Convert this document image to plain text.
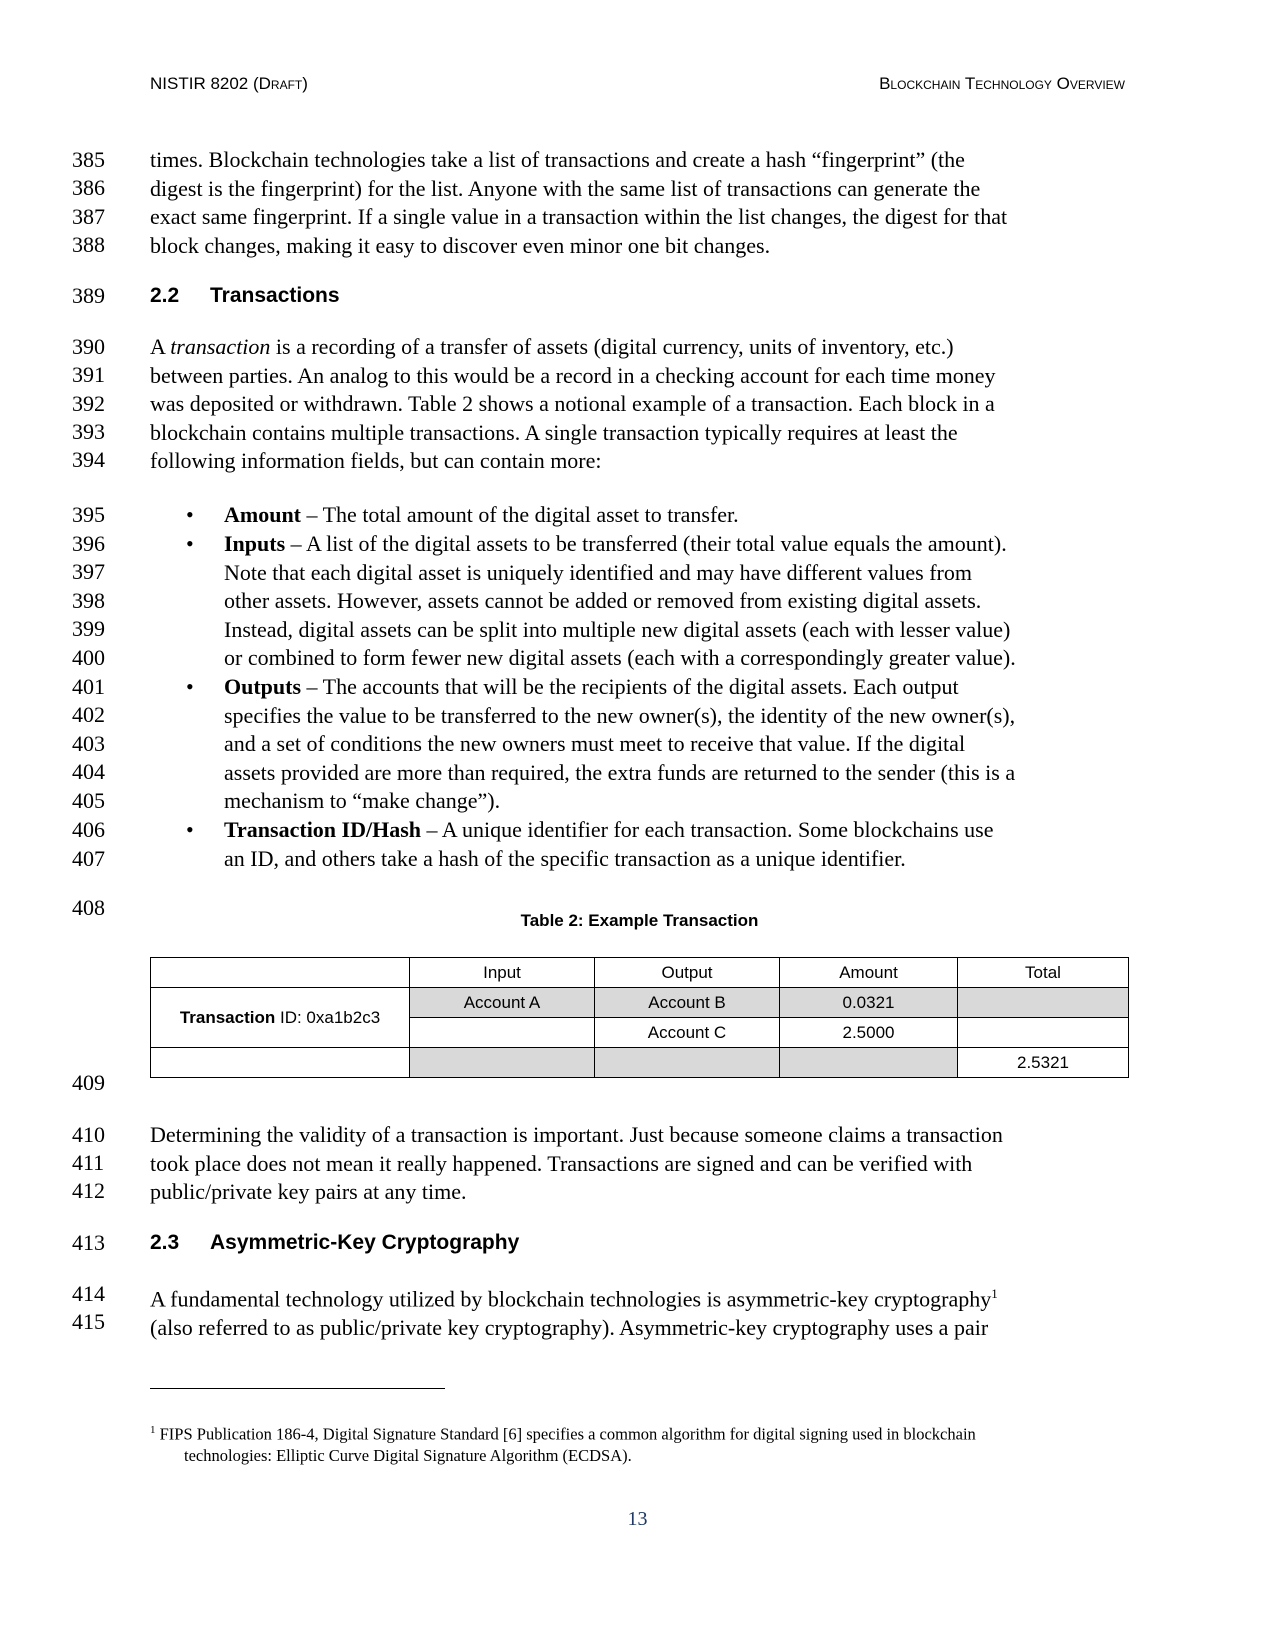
NISTIR 8202 (Draft)	Blockchain Technology Overview
385
386
387
388
389
390
391
392
393
394
395
396
397
398
399
400
401
402
403
404
405
406
407
408
409
410
411
412
413
414
415
times. Blockchain technologies take a list of transactions and create a hash “fingerprint” (the
digest is the fingerprint) for the list. Anyone with the same list of transactions can generate the
exact same fingerprint. If a single value in a transaction within the list changes, the digest for that
block changes, making it easy to discover even minor one bit changes.
2.2 Transactions
A transaction is a recording of a transfer of assets (digital currency, units of inventory, etc.)
between parties. An analog to this would be a record in a checking account for each time money
was deposited or withdrawn. Table 2 shows a notional example of a transaction. Each block in a
blockchain contains multiple transactions. A single transaction typically requires at least the
following information fields, but can contain more:
• Amount – The total amount of the digital asset to transfer.
• Inputs – A list of the digital assets to be transferred (their total value equals the amount).
Note that each digital asset is uniquely identified and may have different values from
other assets. However, assets cannot be added or removed from existing digital assets.
Instead, digital assets can be split into multiple new digital assets (each with lesser value)
or combined to form fewer new digital assets (each with a correspondingly greater value).
• Outputs – The accounts that will be the recipients of the digital assets. Each output
specifies the value to be transferred to the new owner(s), the identity of the new owner(s),
and a set of conditions the new owners must meet to receive that value. If the digital
assets provided are more than required, the extra funds are returned to the sender (this is a
mechanism to “make change”).
• Transaction ID/Hash – A unique identifier for each transaction. Some blockchains use
an ID, and others take a hash of the specific transaction as a unique identifier.
Table 2: Example Transaction
	Input	Output	Amount	Total
Transaction ID: 0xa1b2c3	Account A	Account B	0.0321	
		Account C	2.5000	
				2.5321
Determining the validity of a transaction is important. Just because someone claims a transaction
took place does not mean it really happened. Transactions are signed and can be verified with
public/private key pairs at any time.
2.3 Asymmetric-Key Cryptography
A fundamental technology utilized by blockchain technologies is asymmetric-key cryptography$^1$
(also referred to as public/private key cryptography). Asymmetric-key cryptography uses a pair
$^1$ FIPS Publication 186-4, Digital Signature Standard [6] specifies a common algorithm for digital signing used in blockchain
technologies: Elliptic Curve Digital Signature Algorithm (ECDSA).
13
